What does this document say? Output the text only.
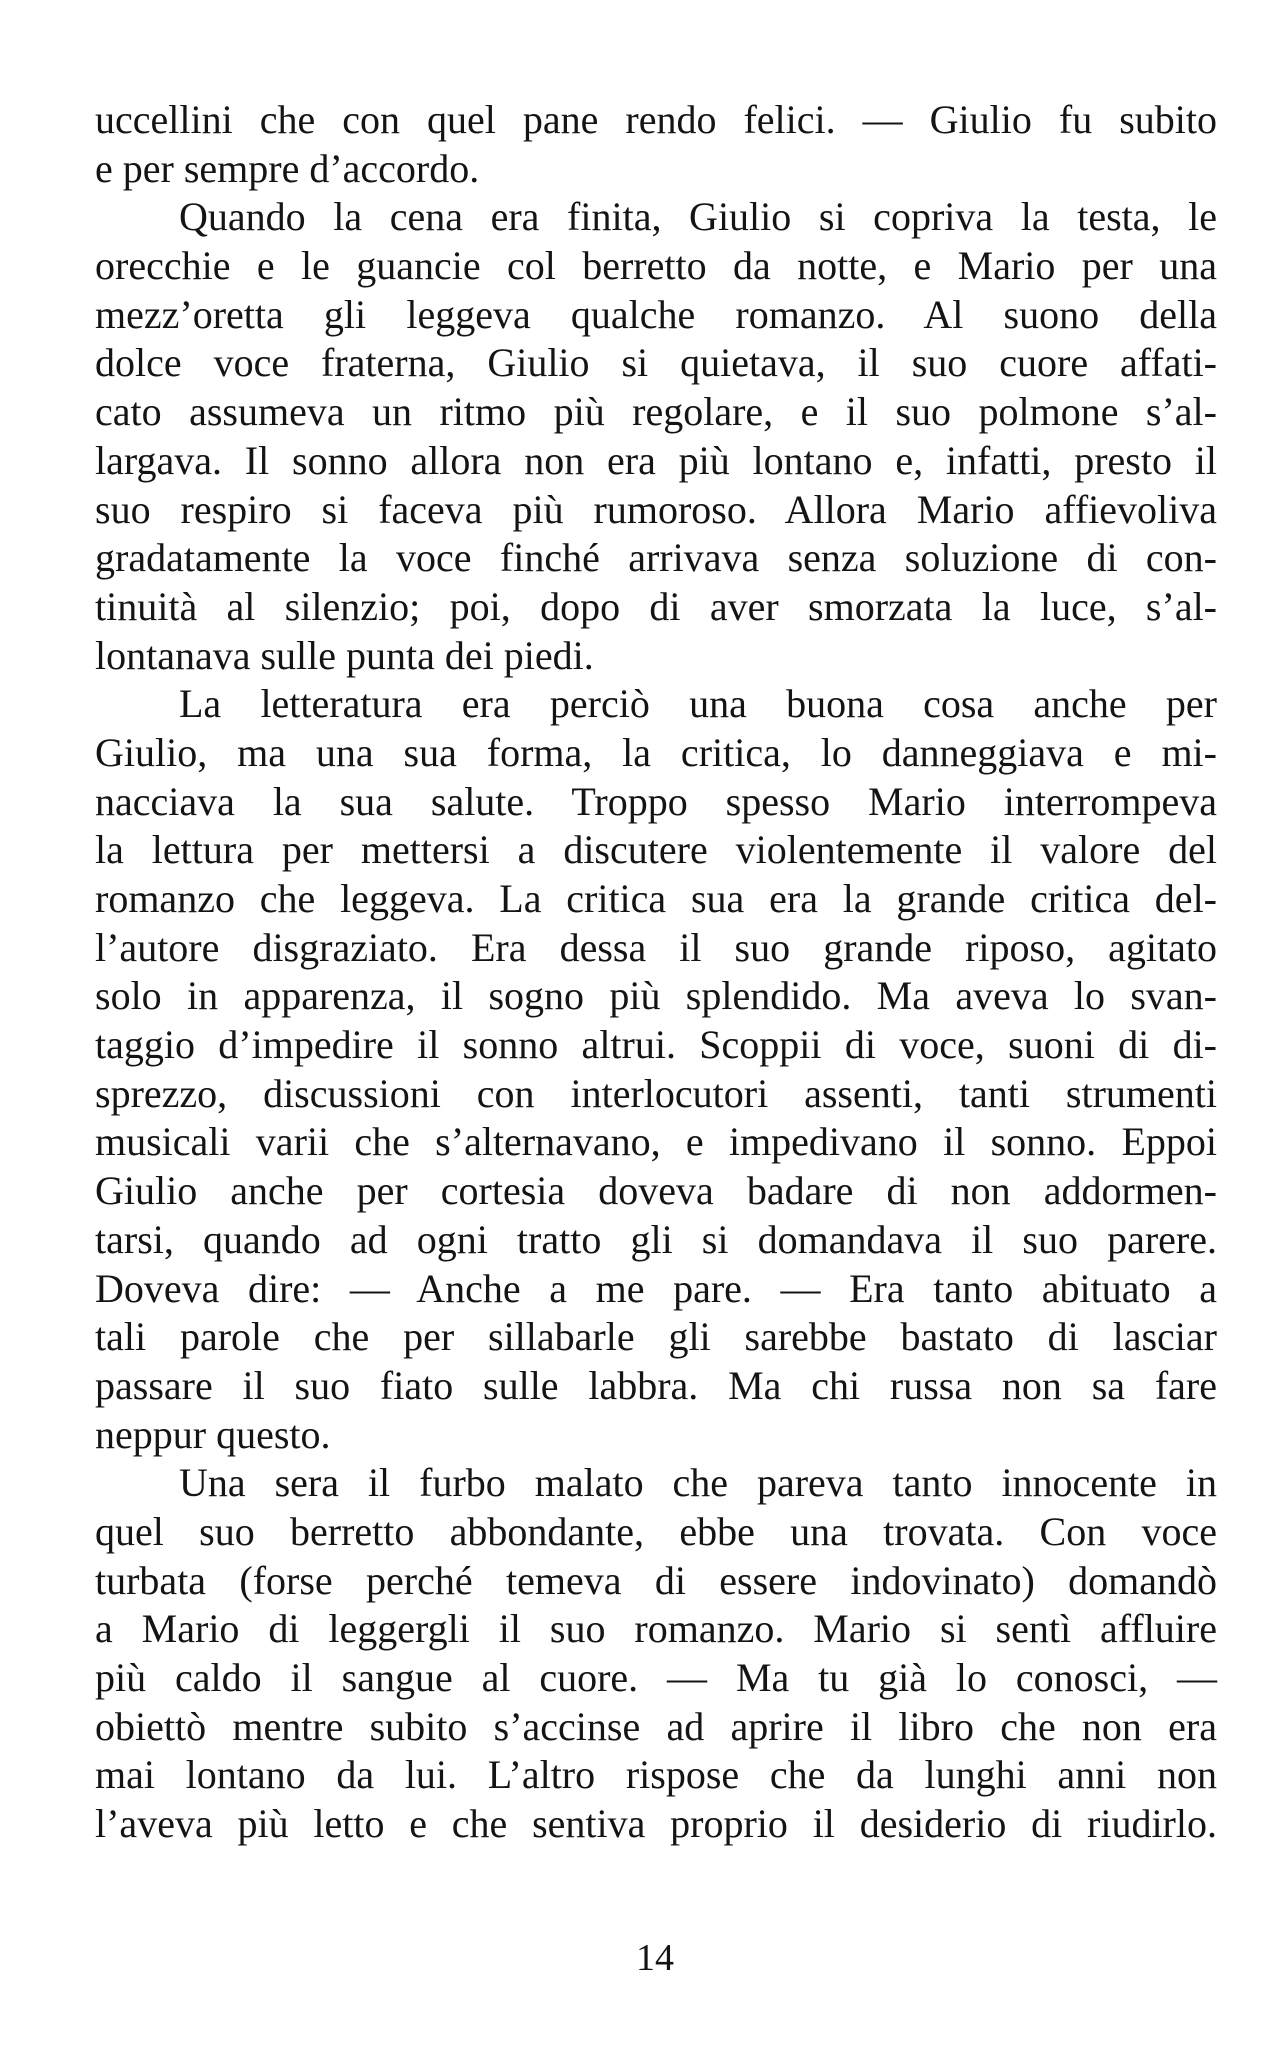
uccellini che con quel pane rendo felici. — Giulio fu subito
e per sempre d’accordo.
Quando la cena era finita, Giulio si copriva la testa, le
orecchie e le guancie col berretto da notte, e Mario per una
mezz’oretta gli leggeva qualche romanzo. Al suono della
dolce voce fraterna, Giulio si quietava, il suo cuore affati-
cato assumeva un ritmo più regolare, e il suo polmone s’al-
largava. Il sonno allora non era più lontano e, infatti, presto il
suo respiro si faceva più rumoroso. Allora Mario affievoliva
gradatamente la voce finché arrivava senza soluzione di con-
tinuità al silenzio; poi, dopo di aver smorzata la luce, s’al-
lontanava sulle punta dei piedi.
La letteratura era perciò una buona cosa anche per
Giulio, ma una sua forma, la critica, lo danneggiava e mi-
nacciava la sua salute. Troppo spesso Mario interrompeva
la lettura per mettersi a discutere violentemente il valore del
romanzo che leggeva. La critica sua era la grande critica del-
l’autore disgraziato. Era dessa il suo grande riposo, agitato
solo in apparenza, il sogno più splendido. Ma aveva lo svan-
taggio d’impedire il sonno altrui. Scoppii di voce, suoni di di-
sprezzo, discussioni con interlocutori assenti, tanti strumenti
musicali varii che s’alternavano, e impedivano il sonno. Eppoi
Giulio anche per cortesia doveva badare di non addormen-
tarsi, quando ad ogni tratto gli si domandava il suo parere.
Doveva dire: — Anche a me pare. — Era tanto abituato a
tali parole che per sillabarle gli sarebbe bastato di lasciar
passare il suo fiato sulle labbra. Ma chi russa non sa fare
neppur questo.
Una sera il furbo malato che pareva tanto innocente in
quel suo berretto abbondante, ebbe una trovata. Con voce
turbata (forse perché temeva di essere indovinato) domandò
a Mario di leggergli il suo romanzo. Mario si sentì affluire
più caldo il sangue al cuore. — Ma tu già lo conosci, —
obiettò mentre subito s’accinse ad aprire il libro che non era
mai lontano da lui. L’altro rispose che da lunghi anni non
l’aveva più letto e che sentiva proprio il desiderio di riudirlo.
14
